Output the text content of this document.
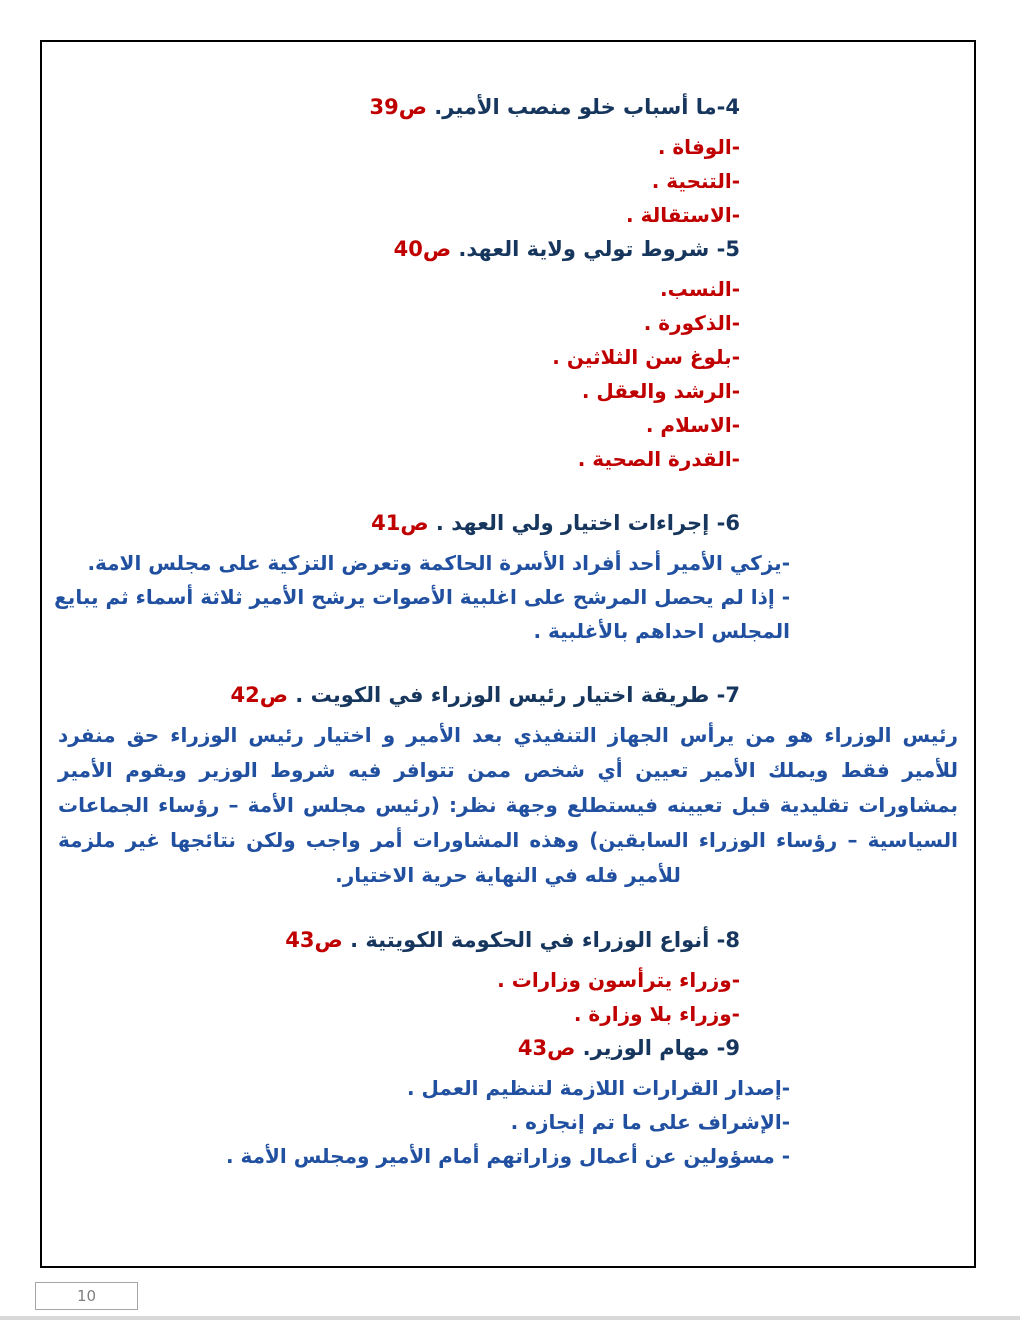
4-ما أسباب خلو منصب الأمير. ص39
-الوفاة .
-التنحية .
-الاستقالة .
5- شروط تولي ولاية العهد. ص40
-النسب.
-الذكورة .
-بلوغ سن الثلاثين .
-الرشد والعقل .
-الاسلام .
-القدرة الصحية .
6- إجراءات اختيار ولي العهد . ص41
-يزكي الأمير أحد أفراد الأسرة الحاكمة وتعرض التزكية على مجلس الامة.
- إذا لم يحصل المرشح على اغلبية الأصوات يرشح الأمير ثلاثة أسماء ثم يبايع المجلس احداهم بالأغلبية .
7- طريقة اختيار رئيس الوزراء في الكويت . ص42
رئيس الوزراء هو من يرأس الجهاز التنفيذي بعد الأمير و اختيار رئيس الوزراء حق منفرد للأمير فقط ويملك الأمير تعيين أي شخص ممن تتوافر فيه شروط الوزير ويقوم الأمير بمشاورات تقليدية قبل تعيينه فيستطلع وجهة نظر: (رئيس مجلس الأمة – رؤساء الجماعات السياسية – رؤساء الوزراء السابقين) وهذه المشاورات أمر واجب ولكن نتائجها غير ملزمة للأمير فله في النهاية حرية الاختيار.
8- أنواع الوزراء في الحكومة الكويتية . ص43
-وزراء يترأسون وزارات .
-وزراء بلا وزارة .
9- مهام الوزير. ص43
-إصدار القرارات اللازمة لتنظيم العمل .
-الإشراف على ما تم إنجازه .
- مسؤولين عن أعمال وزاراتهم أمام الأمير ومجلس الأمة .
10
